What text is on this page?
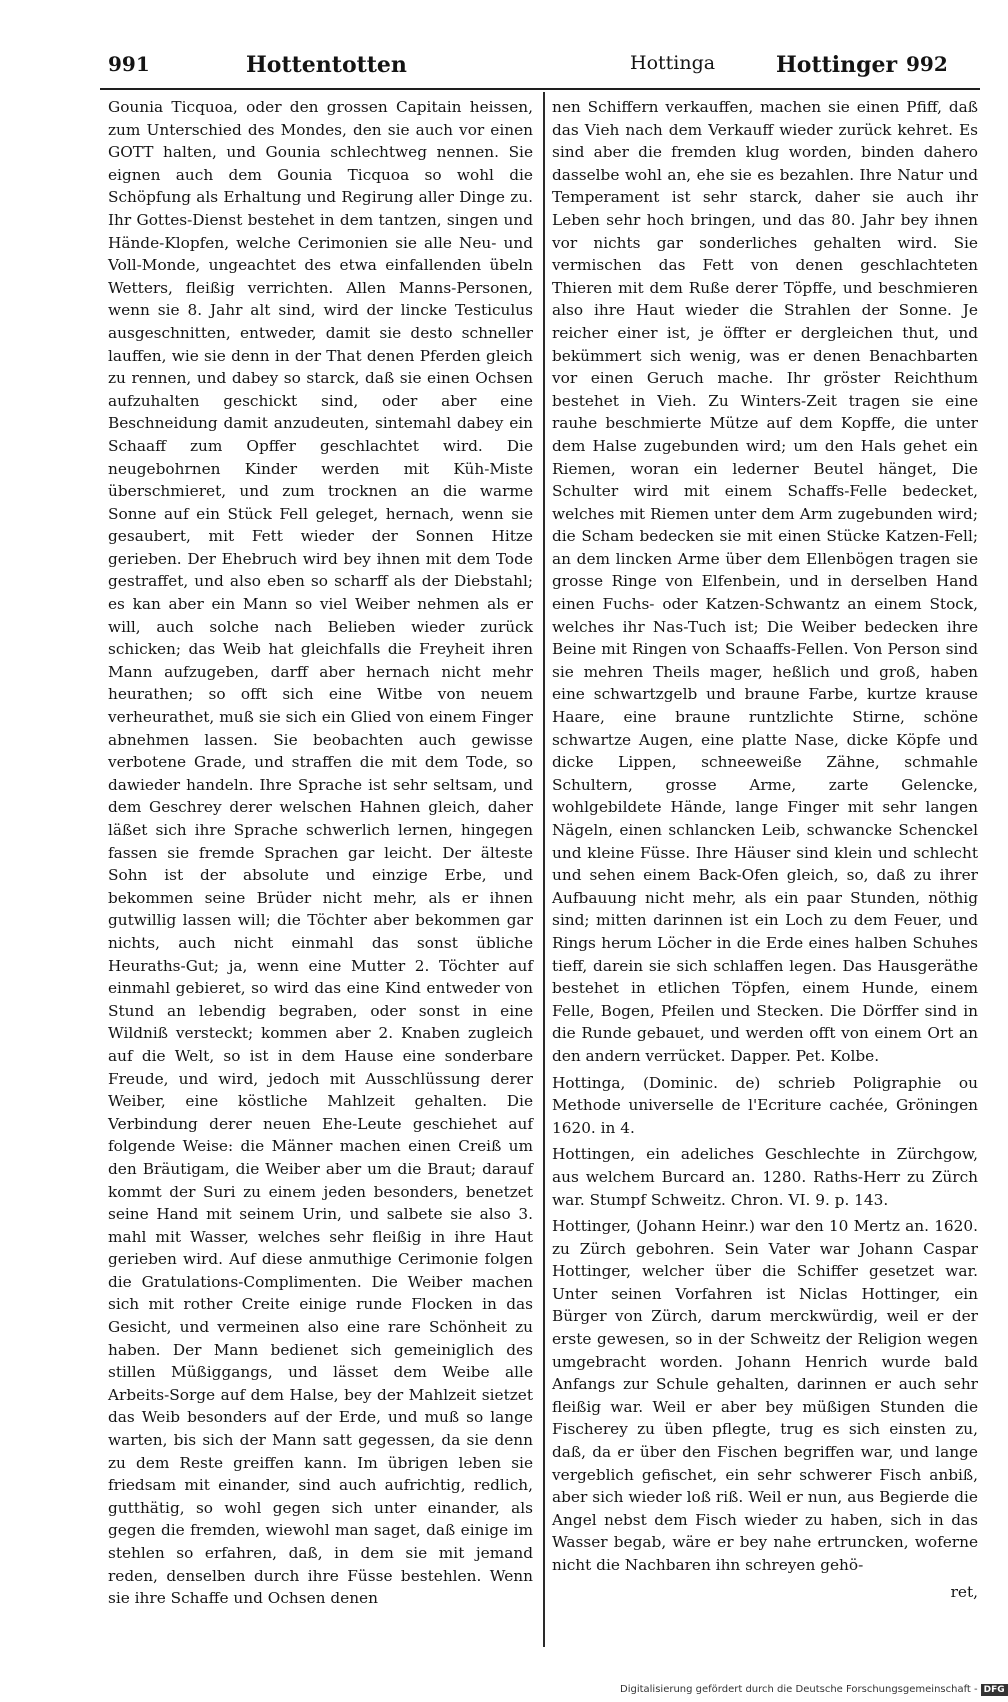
991	Hottentotten	Hottinga	Hottinger 992

Gounia Ticquoa, oder den grossen Capitain heissen, zum Unterschied des Mondes, den sie auch vor einen GOTT halten, und Gounia schlechtweg nennen. Sie eignen auch dem Gounia Ticquoa so wohl die Schöpfung als Erhaltung und Regirung aller Dinge zu. Ihr Gottes-Dienst bestehet in dem tantzen, singen und Hände-Klopfen, welche Cerimonien sie alle Neu- und Voll-Monde, ungeachtet des etwa einfallenden übeln Wetters, fleißig verrichten. Allen Manns-Personen, wenn sie 8. Jahr alt sind, wird der lincke Testiculus ausgeschnitten, entweder, damit sie desto schneller lauffen, wie sie denn in der That denen Pferden gleich zu rennen, und dabey so starck, daß sie einen Ochsen aufzuhalten geschickt sind, oder aber eine Beschneidung damit anzudeuten, sintemahl dabey ein Schaaff zum Opffer geschlachtet wird. Die neugebohrnen Kinder werden mit Küh-Miste überschmieret, und zum trocknen an die warme Sonne auf ein Stück Fell geleget, hernach, wenn sie gesaubert, mit Fett wieder der Sonnen Hitze gerieben. Der Ehebruch wird bey ihnen mit dem Tode gestraffet, und also eben so scharff als der Diebstahl; es kan aber ein Mann so viel Weiber nehmen als er will, auch solche nach Belieben wieder zurück schicken; das Weib hat gleichfalls die Freyheit ihren Mann aufzugeben, darff aber hernach nicht mehr heurathen; so offt sich eine Witbe von neuem verheurathet, muß sie sich ein Glied von einem Finger abnehmen lassen. Sie beobachten auch gewisse verbotene Grade, und straffen die mit dem Tode, so dawieder handeln. Ihre Sprache ist sehr seltsam, und dem Geschrey derer welschen Hahnen gleich, daher läßet sich ihre Sprache schwerlich lernen, hingegen fassen sie fremde Sprachen gar leicht. Der älteste Sohn ist der absolute und einzige Erbe, und bekommen seine Brüder nicht mehr, als er ihnen gutwillig lassen will; die Töchter aber bekommen gar nichts, auch nicht einmahl das sonst übliche Heuraths-Gut; ja, wenn eine Mutter 2. Töchter auf einmahl gebieret, so wird das eine Kind entweder von Stund an lebendig begraben, oder sonst in eine Wildniß versteckt; kommen aber 2. Knaben zugleich auf die Welt, so ist in dem Hause eine sonderbare Freude, und wird, jedoch mit Ausschlüssung derer Weiber, eine köstliche Mahlzeit gehalten. Die Verbindung derer neuen Ehe-Leute geschiehet auf folgende Weise: die Männer machen einen Creiß um den Bräutigam, die Weiber aber um die Braut; darauf kommt der Suri zu einem jeden besonders, benetzet seine Hand mit seinem Urin, und salbete sie also 3. mahl mit Wasser, welches sehr fleißig in ihre Haut gerieben wird. Auf diese anmuthige Cerimonie folgen die Gratulations-Complimenten. Die Weiber machen sich mit rother Creite einige runde Flocken in das Gesicht, und vermeinen also eine rare Schönheit zu haben. Der Mann bedienet sich gemeiniglich des stillen Müßiggangs, und lässet dem Weibe alle Arbeits-Sorge auf dem Halse, bey der Mahlzeit sietzet das Weib besonders auf der Erde, und muß so lange warten, bis sich der Mann satt gegessen, da sie denn zu dem Reste greiffen kann. Im übrigen leben sie friedsam mit einander, sind auch aufrichtig, redlich, gutthätig, so wohl gegen sich unter einander, als gegen die fremden, wiewohl man saget, daß einige im stehlen so erfahren, daß, in dem sie mit jemand reden, denselben durch ihre Füsse bestehlen. Wenn sie ihre Schaffe und Ochsen denen

nen Schiffern verkauffen, machen sie einen Pfiff, daß das Vieh nach dem Verkauff wieder zurück kehret. Es sind aber die fremden klug worden, binden dahero dasselbe wohl an, ehe sie es bezahlen. Ihre Natur und Temperament ist sehr starck, daher sie auch ihr Leben sehr hoch bringen, und das 80. Jahr bey ihnen vor nichts gar sonderliches gehalten wird. Sie vermischen das Fett von denen geschlachteten Thieren mit dem Ruße derer Töpffe, und beschmieren also ihre Haut wieder die Strahlen der Sonne. Je reicher einer ist, je öffter er dergleichen thut, und bekümmert sich wenig, was er denen Benachbarten vor einen Geruch mache. Ihr gröster Reichthum bestehet in Vieh. Zu Winters-Zeit tragen sie eine rauhe beschmierte Mütze auf dem Kopffe, die unter dem Halse zugebunden wird; um den Hals gehet ein Riemen, woran ein lederner Beutel hänget, Die Schulter wird mit einem Schaffs-Felle bedecket, welches mit Riemen unter dem Arm zugebunden wird; die Scham bedecken sie mit einen Stücke Katzen-Fell; an dem lincken Arme über dem Ellenbögen tragen sie grosse Ringe von Elfenbein, und in derselben Hand einen Fuchs- oder Katzen-Schwantz an einem Stock, welches ihr Nas-Tuch ist; Die Weiber bedecken ihre Beine mit Ringen von Schaaffs-Fellen. Von Person sind sie mehren Theils mager, heßlich und groß, haben eine schwartzgelb und braune Farbe, kurtze krause Haare, eine braune runtzlichte Stirne, schöne schwartze Augen, eine platte Nase, dicke Köpfe und dicke Lippen, schneeweiße Zähne, schmahle Schultern, grosse Arme, zarte Gelencke, wohlgebildete Hände, lange Finger mit sehr langen Nägeln, einen schlancken Leib, schwancke Schenckel und kleine Füsse. Ihre Häuser sind klein und schlecht und sehen einem Back-Ofen gleich, so, daß zu ihrer Aufbauung nicht mehr, als ein paar Stunden, nöthig sind; mitten darinnen ist ein Loch zu dem Feuer, und Rings herum Löcher in die Erde eines halben Schuhes tieff, darein sie sich schlaffen legen. Das Hausgeräthe bestehet in etlichen Töpfen, einem Hunde, einem Felle, Bogen, Pfeilen und Stecken. Die Dörffer sind in die Runde gebauet, und werden offt von einem Ort an den andern verrücket. Dapper. Pet. Kolbe.

Hottinga, (Dominic. de) schrieb Poligraphie ou Methode universelle de l'Ecriture cachée, Gröningen 1620. in 4.

Hottingen, ein adeliches Geschlechte in Zürchgow, aus welchem Burcard an. 1280. Raths-Herr zu Zürch war. Stumpf Schweitz. Chron. VI. 9. p. 143.

Hottinger, (Johann Heinr.) war den 10 Mertz an. 1620. zu Zürch gebohren. Sein Vater war Johann Caspar Hottinger, welcher über die Schiffer gesetzet war. Unter seinen Vorfahren ist Niclas Hottinger, ein Bürger von Zürch, darum merckwürdig, weil er der erste gewesen, so in der Schweitz der Religion wegen umgebracht worden. Johann Henrich wurde bald Anfangs zur Schule gehalten, darinnen er auch sehr fleißig war. Weil er aber bey müßigen Stunden die Fischerey zu üben pflegte, trug es sich einsten zu, daß, da er über den Fischen begriffen war, und lange vergeblich gefischet, ein sehr schwerer Fisch anbiß, aber sich wieder loß riß. Weil er nun, aus Begierde die Angel nebst dem Fisch wieder zu haben, sich in das Wasser begab, wäre er bey nahe ertruncken, woferne nicht die Nachbaren ihn schreyen gehö-

ret,

Digitalisierung gefördert durch die Deutsche Forschungsgemeinschaft - DFG
